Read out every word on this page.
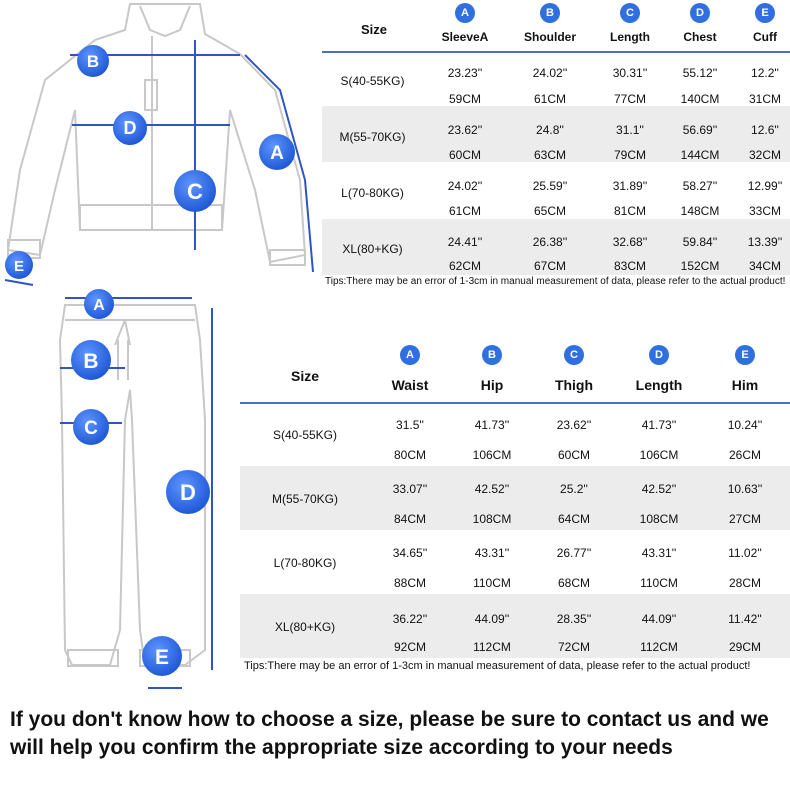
B
D
C
A
E
A
B
C
D
E
Size
A	B	C	D	E
SleeveA	Shoulder	Length	Chest	Cuff
S(40-55KG)
23.23''	24.02''	30.31''	55.12''	12.2''
59CM	61CM	77CM	140CM	31CM
M(55-70KG)	23.62''	24.8''	31.1''	56.69''	12.6''
60CM	63CM	79CM	144CM	32CM
L(70-80KG)	24.02''	25.59''	31.89''	58.27''	12.99''
61CM	65CM	81CM	148CM	33CM
XL(80+KG)	24.41''	26.38''	32.68''	59.84''	13.39''
62CM	67CM	83CM	152CM	34CM
Tips:There may be an error of 1-3cm in manual measurement of data, please refer to the actual product!
Size
A	B	C	D	E
Waist	Hip	Thigh	Length	Him
S(40-55KG)
31.5''	41.73''	23.62''	41.73''	10.24''
80CM	106CM	60CM	106CM	26CM
M(55-70KG)
33.07''	42.52''	25.2''	42.52''	10.63''
84CM	108CM	64CM	108CM	27CM
L(70-80KG)
34.65''	43.31''	26.77''	43.31''	11.02''
88CM	110CM	68CM	110CM	28CM
XL(80+KG)
36.22''	44.09''	28.35''	44.09''	11.42''
92CM	112CM	72CM	112CM	29CM
Tips:There may be an error of 1-3cm in manual measurement of data, please refer to the actual product!
If you don't know how to choose a size, please be sure to contact us and we will help you confirm the appropriate size according to your needs
